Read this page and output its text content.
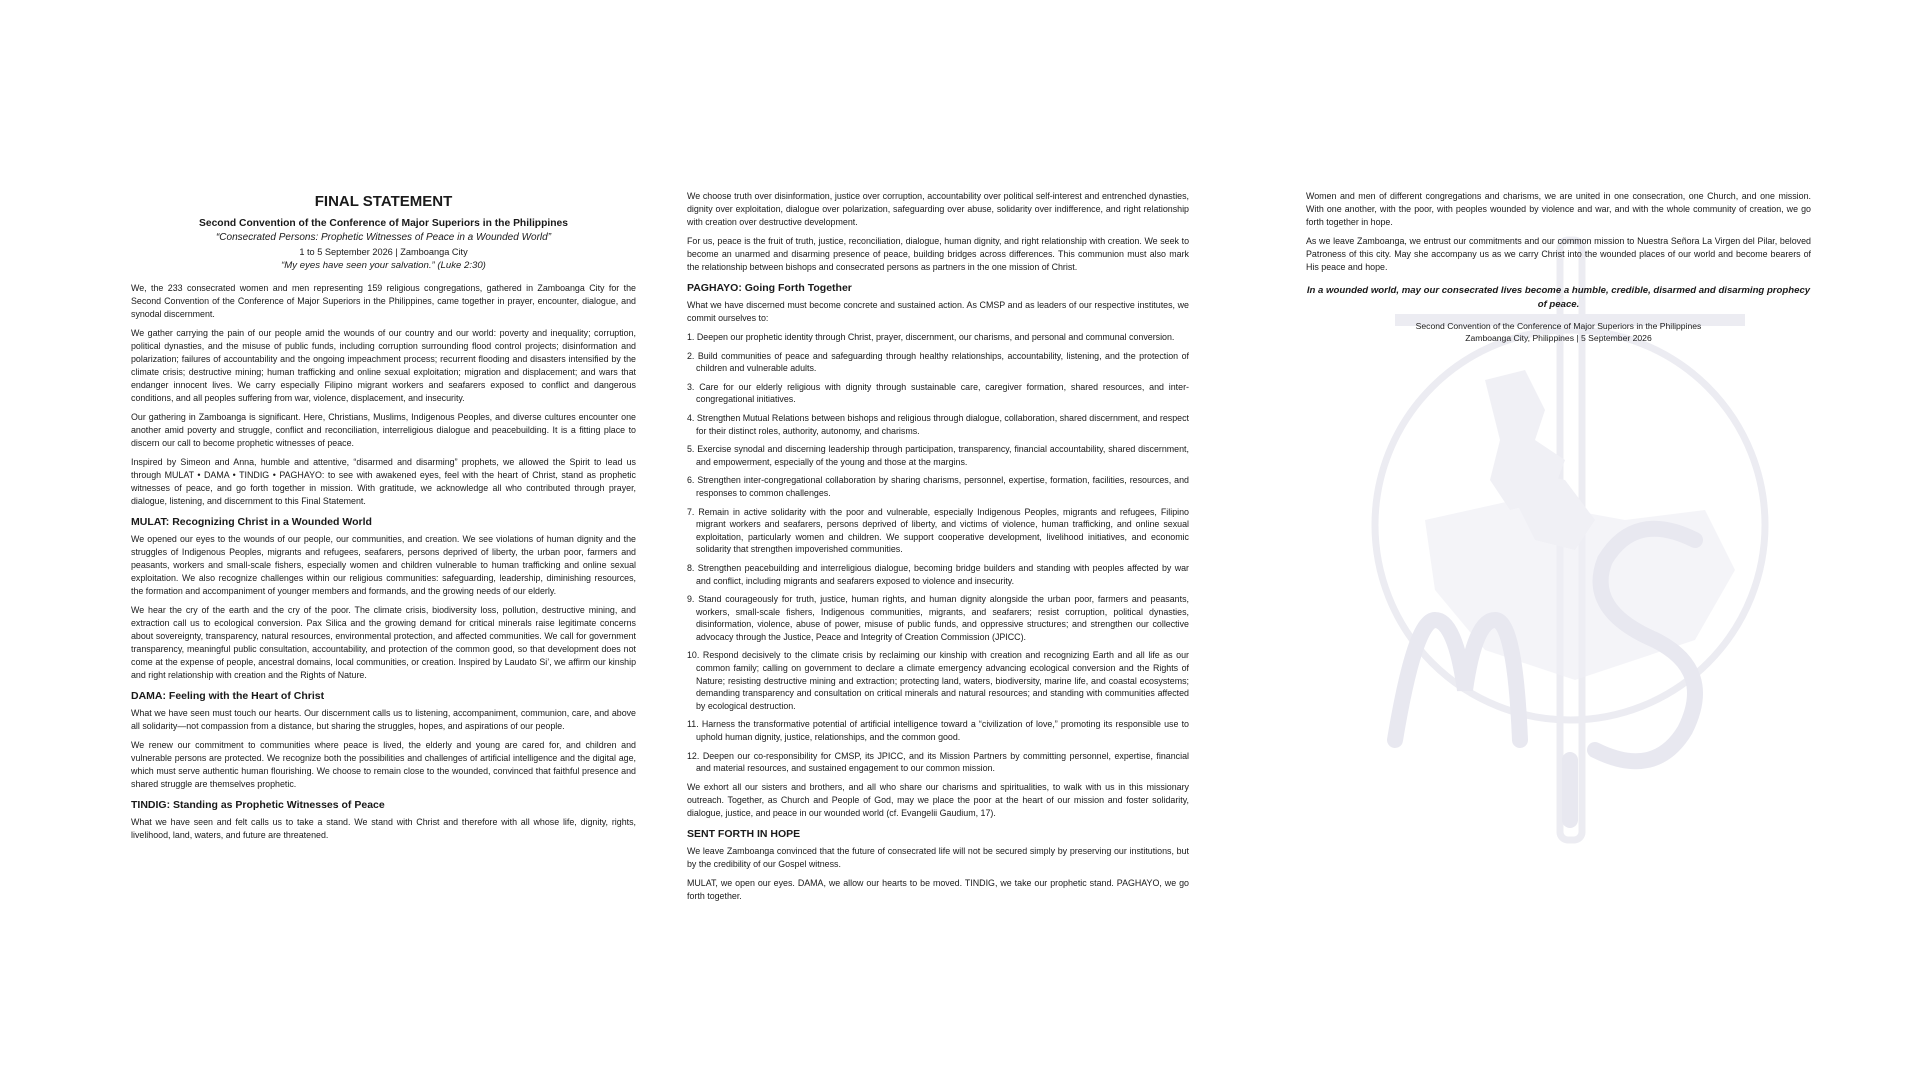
FINAL STATEMENT
Second Convention of the Conference of Major Superiors in the Philippines
“Consecrated Persons: Prophetic Witnesses of Peace in a Wounded World”
1 to 5 September 2026 | Zamboanga City
“My eyes have seen your salvation.” (Luke 2:30)

We, the 233 consecrated women and men representing 159 religious congregations, gathered in Zamboanga City for the Second Convention of the Conference of Major Superiors in the Philippines, came together in prayer, encounter, dialogue, and synodal discernment.

We gather carrying the pain of our people amid the wounds of our country and our world: poverty and inequality; corruption, political dynasties, and the misuse of public funds, including corruption surrounding flood control projects; disinformation and polarization; failures of accountability and the ongoing impeachment process; recurrent flooding and disasters intensified by the climate crisis; destructive mining; human trafficking and online sexual exploitation; migration and displacement; and wars that endanger innocent lives. We carry especially Filipino migrant workers and seafarers exposed to conflict and dangerous conditions, and all peoples suffering from war, violence, displacement, and insecurity.

Our gathering in Zamboanga is significant. Here, Christians, Muslims, Indigenous Peoples, and diverse cultures encounter one another amid poverty and struggle, conflict and reconciliation, interreligious dialogue and peacebuilding. It is a fitting place to discern our call to become prophetic witnesses of peace.

Inspired by Simeon and Anna, humble and attentive, “disarmed and disarming” prophets, we allowed the Spirit to lead us through MULAT • DAMA • TINDIG • PAGHAYO: to see with awakened eyes, feel with the heart of Christ, stand as prophetic witnesses of peace, and go forth together in mission. With gratitude, we acknowledge all who contributed through prayer, dialogue, listening, and discernment to this Final Statement.

MULAT: Recognizing Christ in a Wounded World

We opened our eyes to the wounds of our people, our communities, and creation. We see violations of human dignity and the struggles of Indigenous Peoples, migrants and refugees, seafarers, persons deprived of liberty, the urban poor, farmers and peasants, workers and small-scale fishers, especially women and children vulnerable to human trafficking and online sexual exploitation. We also recognize challenges within our religious communities: safeguarding, leadership, diminishing resources, the formation and accompaniment of younger members and formands, and the growing needs of our elderly.

We hear the cry of the earth and the cry of the poor. The climate crisis, biodiversity loss, pollution, destructive mining, and extraction call us to ecological conversion. Pax Silica and the growing demand for critical minerals raise legitimate concerns about sovereignty, transparency, natural resources, environmental protection, and affected communities. We call for government transparency, meaningful public consultation, accountability, and protection of the common good, so that development does not come at the expense of people, ancestral domains, local communities, or creation. Inspired by Laudato Si’, we affirm our kinship and right relationship with creation and the Rights of Nature.

DAMA: Feeling with the Heart of Christ

What we have seen must touch our hearts. Our discernment calls us to listening, accompaniment, communion, care, and above all solidarity—not compassion from a distance, but sharing the struggles, hopes, and aspirations of our people.

We renew our commitment to communities where peace is lived, the elderly and young are cared for, and children and vulnerable persons are protected. We recognize both the possibilities and challenges of artificial intelligence and the digital age, which must serve authentic human flourishing. We choose to remain close to the wounded, convinced that faithful presence and shared struggle are themselves prophetic.

TINDIG: Standing as Prophetic Witnesses of Peace

What we have seen and felt calls us to take a stand. We stand with Christ and therefore with all whose life, dignity, rights, livelihood, land, waters, and future are threatened.

We choose truth over disinformation, justice over corruption, accountability over political self-interest and entrenched dynasties, dignity over exploitation, dialogue over polarization, safeguarding over abuse, solidarity over indifference, and right relationship with creation over destructive development.

For us, peace is the fruit of truth, justice, reconciliation, dialogue, human dignity, and right relationship with creation. We seek to become an unarmed and disarming presence of peace, building bridges across differences. This communion must also mark the relationship between bishops and consecrated persons as partners in the one mission of Christ.

PAGHAYO: Going Forth Together

What we have discerned must become concrete and sustained action. As CMSP and as leaders of our respective institutes, we commit ourselves to:

1. Deepen our prophetic identity through Christ, prayer, discernment, our charisms, and personal and communal conversion.

2. Build communities of peace and safeguarding through healthy relationships, accountability, listening, and the protection of children and vulnerable adults.

3. Care for our elderly religious with dignity through sustainable care, caregiver formation, shared resources, and inter-congregational initiatives.

4. Strengthen Mutual Relations between bishops and religious through dialogue, collaboration, shared discernment, and respect for their distinct roles, authority, autonomy, and charisms.

5. Exercise synodal and discerning leadership through participation, transparency, financial accountability, shared discernment, and empowerment, especially of the young and those at the margins.

6. Strengthen inter-congregational collaboration by sharing charisms, personnel, expertise, formation, facilities, resources, and responses to common challenges.

7. Remain in active solidarity with the poor and vulnerable, especially Indigenous Peoples, migrants and refugees, Filipino migrant workers and seafarers, persons deprived of liberty, and victims of violence, human trafficking, and online sexual exploitation, particularly women and children. We support cooperative development, livelihood initiatives, and economic solidarity that strengthen impoverished communities.

8. Strengthen peacebuilding and interreligious dialogue, becoming bridge builders and standing with peoples affected by war and conflict, including migrants and seafarers exposed to violence and insecurity.

9. Stand courageously for truth, justice, human rights, and human dignity alongside the urban poor, farmers and peasants, workers, small-scale fishers, Indigenous communities, migrants, and seafarers; resist corruption, political dynasties, disinformation, violence, abuse of power, misuse of public funds, and oppressive structures; and strengthen our collective advocacy through the Justice, Peace and Integrity of Creation Commission (JPICC).

10. Respond decisively to the climate crisis by reclaiming our kinship with creation and recognizing Earth and all life as our common family; calling on government to declare a climate emergency advancing ecological conversion and the Rights of Nature; resisting destructive mining and extraction; protecting land, waters, biodiversity, marine life, and coastal ecosystems; demanding transparency and consultation on critical minerals and natural resources; and standing with communities affected by ecological destruction.

11. Harness the transformative potential of artificial intelligence toward a “civilization of love,” promoting its responsible use to uphold human dignity, justice, relationships, and the common good.

12. Deepen our co-responsibility for CMSP, its JPICC, and its Mission Partners by committing personnel, expertise, financial and material resources, and sustained engagement to our common mission.

We exhort all our sisters and brothers, and all who share our charisms and spiritualities, to walk with us in this missionary outreach. Together, as Church and People of God, may we place the poor at the heart of our mission and foster solidarity, dialogue, justice, and peace in our wounded world (cf. Evangelii Gaudium, 17).

SENT FORTH IN HOPE

We leave Zamboanga convinced that the future of consecrated life will not be secured simply by preserving our institutions, but by the credibility of our Gospel witness.

MULAT, we open our eyes. DAMA, we allow our hearts to be moved. TINDIG, we take our prophetic stand. PAGHAYO, we go forth together.

Women and men of different congregations and charisms, we are united in one consecration, one Church, and one mission. With one another, with the poor, with peoples wounded by violence and war, and with the whole community of creation, we go forth together in hope.

As we leave Zamboanga, we entrust our commitments and our common mission to Nuestra Señora La Virgen del Pilar, beloved Patroness of this city. May she accompany us as we carry Christ into the wounded places of our world and become bearers of His peace and hope.

In a wounded world, may our consecrated lives become a humble, credible, disarmed and disarming prophecy of peace.
Second Convention of the Conference of Major Superiors in the Philippines
Zamboanga City, Philippines | 5 September 2026
